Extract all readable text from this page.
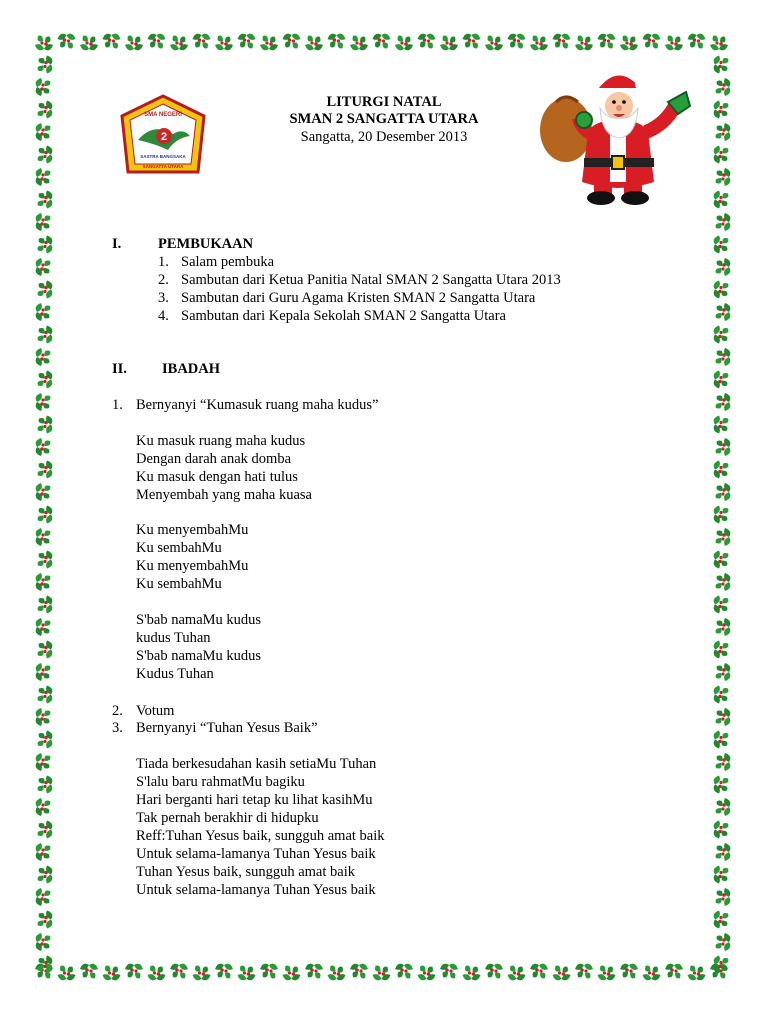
2
SMA NEGERI
SASTRA BANGSAKA
SANGATTA UTARA
LITURGI NATAL
SMAN 2 SANGATTA UTARA
Sangatta, 20 Desember 2013
I.	PEMBUKAAN
1. Salam pembuka
2. Sambutan dari Ketua Panitia Natal SMAN 2 Sangatta Utara 2013
3. Sambutan dari Guru Agama Kristen SMAN 2 Sangatta Utara
4. Sambutan dari Kepala Sekolah SMAN 2 Sangatta Utara
II. IBADAH
1. Bernyanyi “Kumasuk ruang maha kudus”
Ku masuk ruang maha kudus
Dengan darah anak domba
Ku masuk dengan hati tulus
Menyembah yang maha kuasa
Ku menyembahMu
Ku sembahMu
Ku menyembahMu
Ku sembahMu
S'bab namaMu kudus
kudus Tuhan
S'bab namaMu kudus
Kudus Tuhan
2. Votum
3. Bernyanyi “Tuhan Yesus Baik”
Tiada berkesudahan kasih setiaMu Tuhan
S'lalu baru rahmatMu bagiku
Hari berganti hari tetap ku lihat kasihMu
Tak pernah berakhir di hidupku
Reff:Tuhan Yesus baik, sungguh amat baik
Untuk selama-lamanya Tuhan Yesus baik
Tuhan Yesus baik, sungguh amat baik
Untuk selama-lamanya Tuhan Yesus baik
